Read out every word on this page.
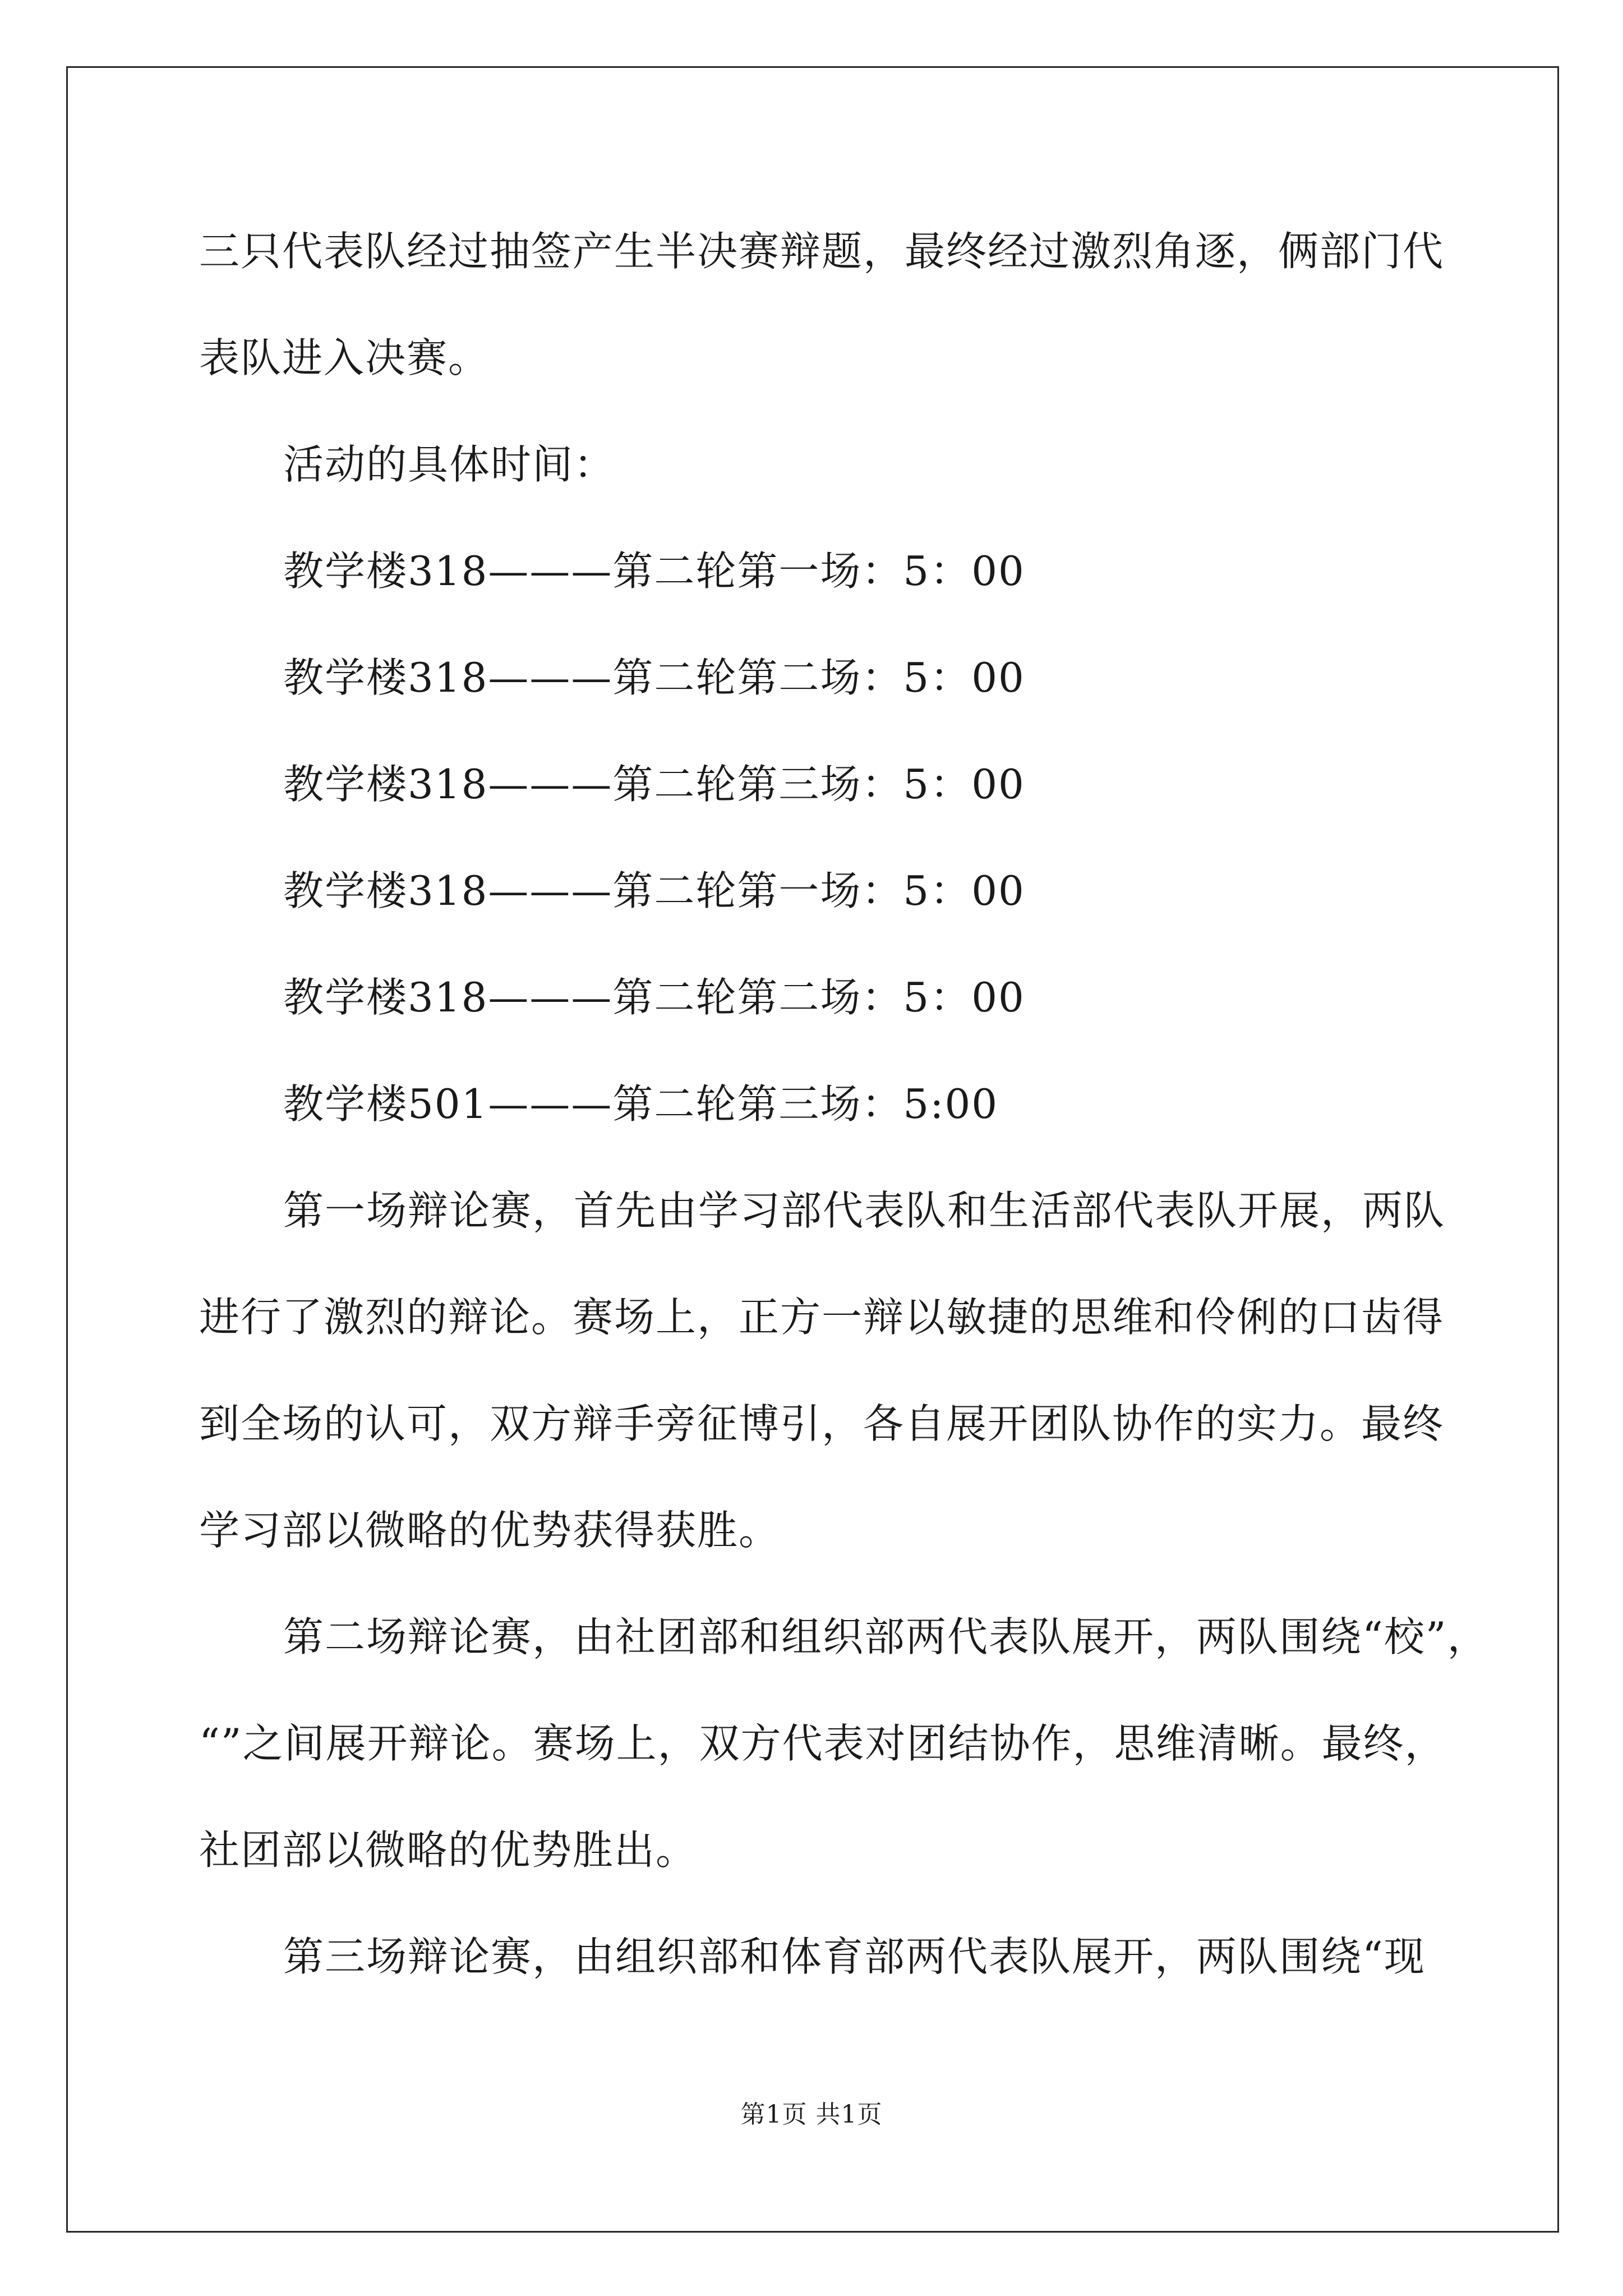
三只代表队经过抽签产生半决赛辩题，最终经过激烈角逐，俩部门代
表队进入决赛。
活动的具体时间：
教学楼318———第二轮第一场：5：00
教学楼318———第二轮第二场：5：00
教学楼318———第二轮第三场：5：00
教学楼318———第二轮第一场：5：00
教学楼318———第二轮第二场：5：00
教学楼501———第二轮第三场：5:00
第一场辩论赛，首先由学习部代表队和生活部代表队开展，两队
进行了激烈的辩论。赛场上，正方一辩以敏捷的思维和伶俐的口齿得
到全场的认可，双方辩手旁征博引，各自展开团队协作的实力。最终
学习部以微略的优势获得获胜。
第二场辩论赛，由社团部和组织部两代表队展开，两队围绕“校”，
“”之间展开辩论。赛场上，双方代表对团结协作，思维清晰。最终，
社团部以微略的优势胜出。
第三场辩论赛，由组织部和体育部两代表队展开，两队围绕“现
第1页 共1页
